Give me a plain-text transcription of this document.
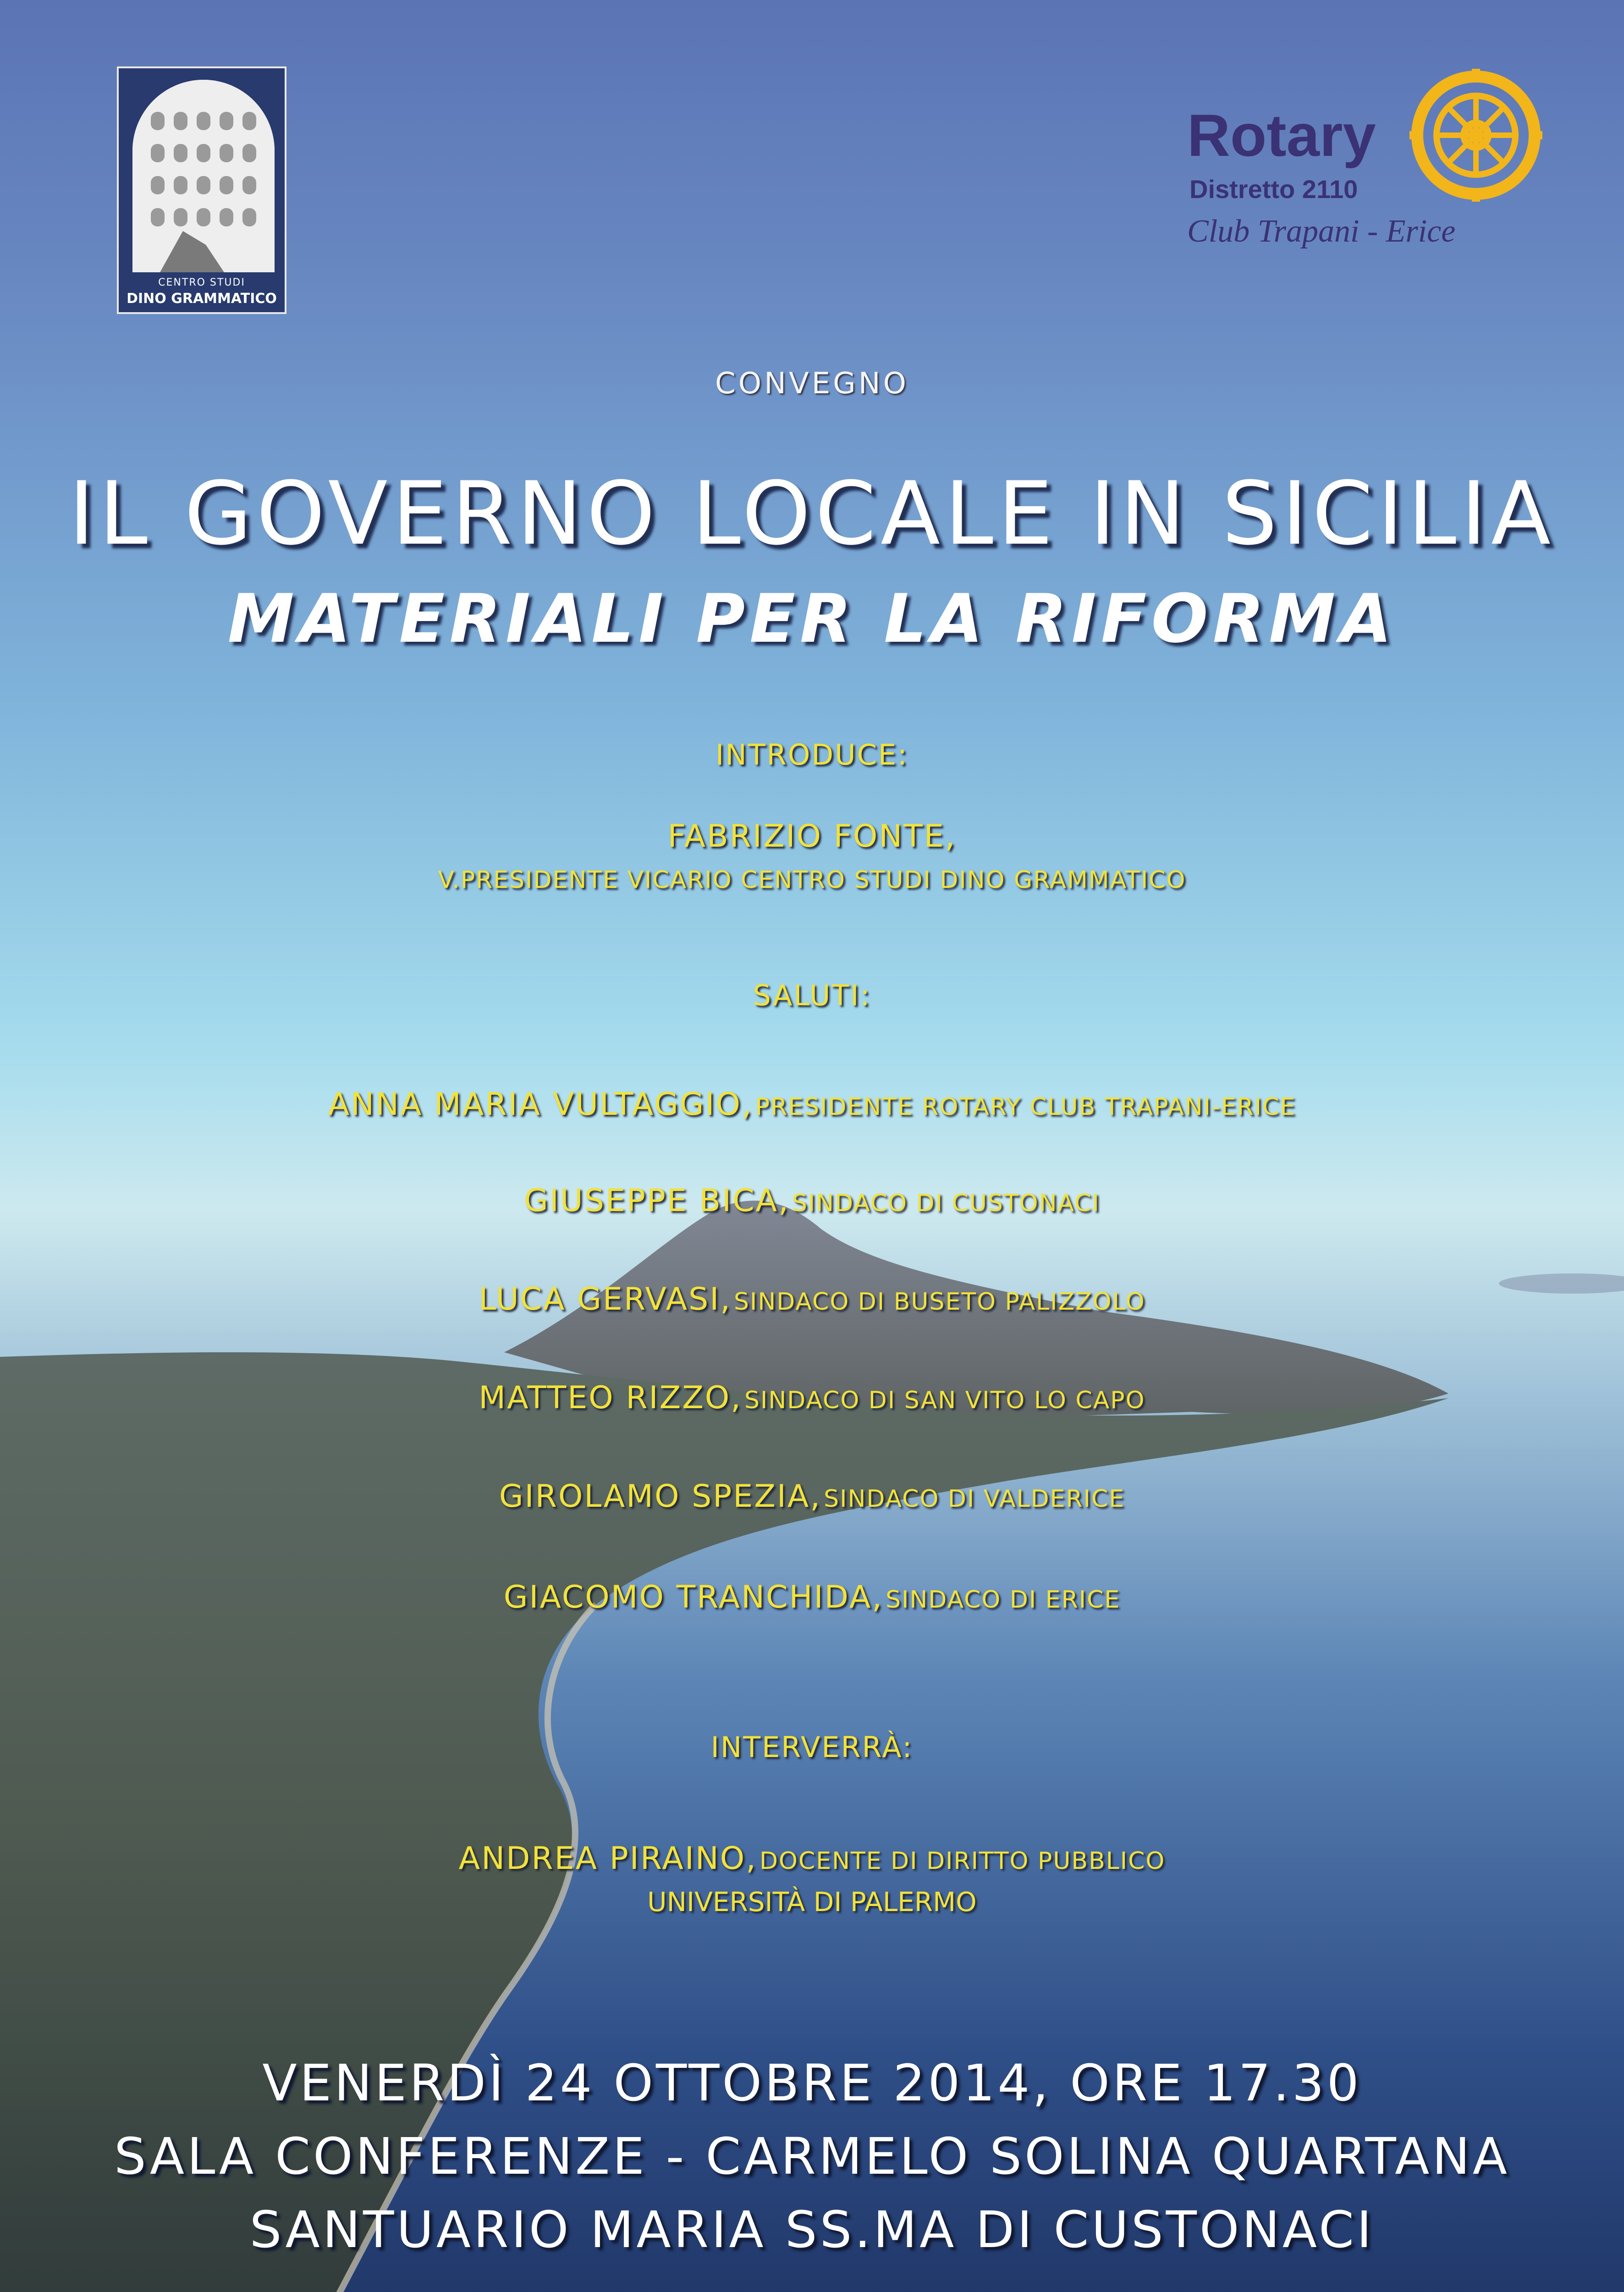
CENTRO STUDI
DINO GRAMMATICO
Rotary
Distretto 2110
Club Trapani - Erice

CONVEGNO

IL GOVERNO LOCALE IN SICILIA

MATERIALI PER LA RIFORMA

INTRODUCE:

FABRIZIO FONTE,

V.PRESIDENTE VICARIO CENTRO STUDI DINO GRAMMATICO

SALUTI:

ANNA MARIA VULTAGGIO, PRESIDENTE ROTARY CLUB TRAPANI-ERICE

GIUSEPPE BICA, SINDACO DI CUSTONACI

LUCA GERVASI, SINDACO DI BUSETO PALIZZOLO

MATTEO RIZZO, SINDACO DI SAN VITO LO CAPO

GIROLAMO SPEZIA, SINDACO DI VALDERICE

GIACOMO TRANCHIDA, SINDACO DI ERICE

INTERVERRÀ:

ANDREA PIRAINO, DOCENTE DI DIRITTO PUBBLICO

UNIVERSITÀ DI PALERMO

VENERDÌ 24 OTTOBRE 2014, ORE 17.30

SALA CONFERENZE - CARMELO SOLINA QUARTANA

SANTUARIO MARIA SS.MA DI CUSTONACI
